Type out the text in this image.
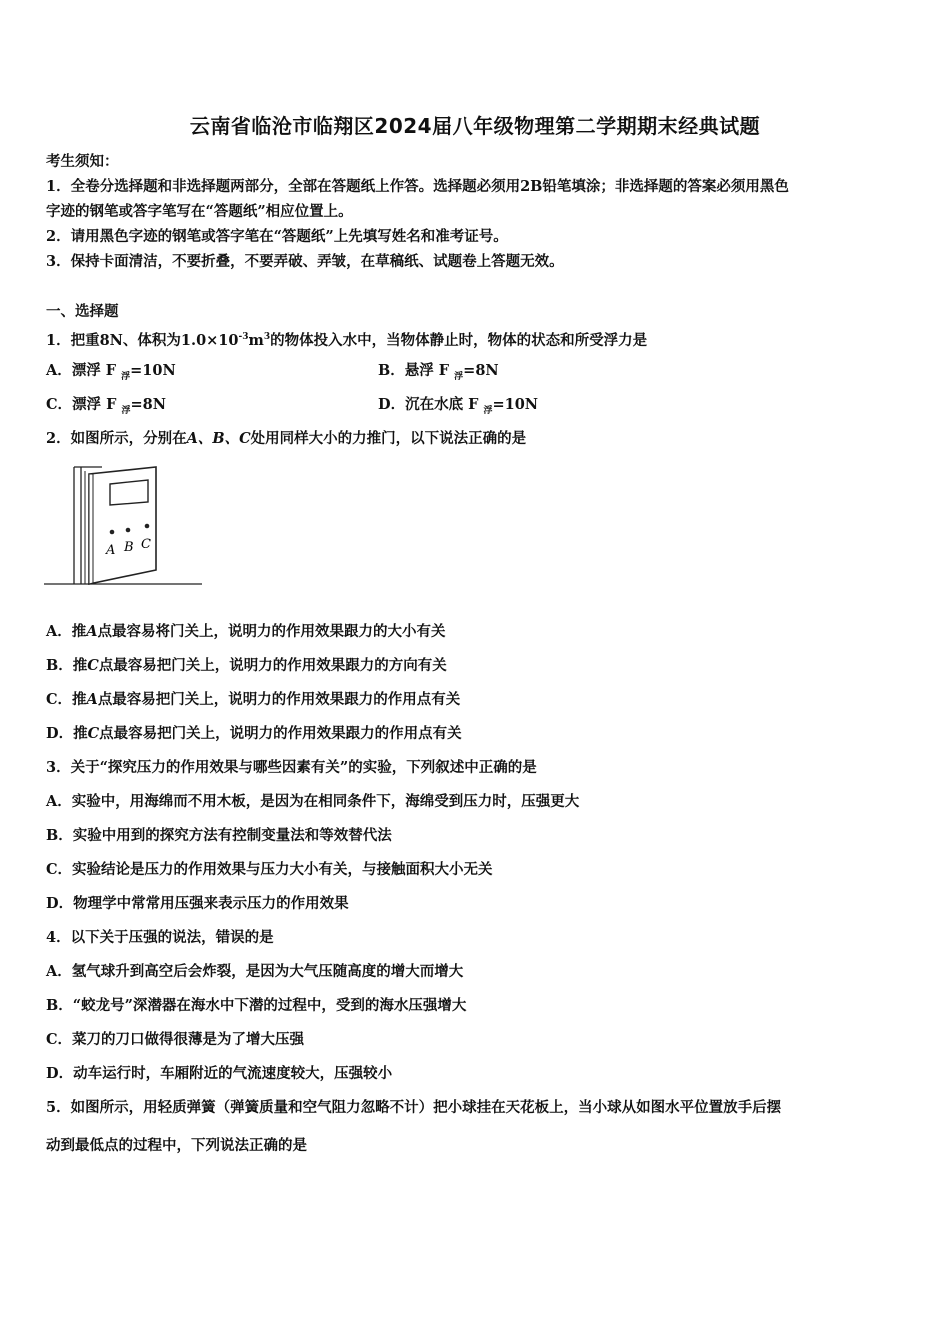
云南省临沧市临翔区2024届八年级物理第二学期期末经典试题
考生须知：
1．全卷分选择题和非选择题两部分，全部在答题纸上作答。选择题必须用2B铅笔填涂；非选择题的答案必须用黑色
字迹的钢笔或答字笔写在“答题纸”相应位置上。
2．请用黑色字迹的钢笔或答字笔在“答题纸”上先填写姓名和准考证号。
3．保持卡面清洁，不要折叠，不要弄破、弄皱，在草稿纸、试题卷上答题无效。
一、选择题
1．把重8N、体积为$1.0\times 10^{-3}m^3$的物体投入水中，当物体静止时，物体的状态和所受浮力是
A．漂浮 F $_浮$=10N	B．悬浮 F $_浮$=8N
C．漂浮 F $_浮$=8N	D．沉在水底 F $_浮$=10N
2．如图所示，分别在A、B、C处用同样大小的力推门，以下说法正确的是
A B C
A．推A点最容易将门关上，说明力的作用效果跟力的大小有关
B．推C点最容易把门关上，说明力的作用效果跟力的方向有关
C．推A点最容易把门关上，说明力的作用效果跟力的作用点有关
D．推C点最容易把门关上，说明力的作用效果跟力的作用点有关
3．关于“探究压力的作用效果与哪些因素有关”的实验，下列叙述中正确的是
A．实验中，用海绵而不用木板，是因为在相同条件下，海绵受到压力时，压强更大
B．实验中用到的探究方法有控制变量法和等效替代法
C．实验结论是压力的作用效果与压力大小有关，与接触面积大小无关
D．物理学中常常用压强来表示压力的作用效果
4．以下关于压强的说法，错误的是
A．氢气球升到高空后会炸裂，是因为大气压随高度的增大而增大
B．“蛟龙号”深潜器在海水中下潜的过程中，受到的海水压强增大
C．菜刀的刀口做得很薄是为了增大压强
D．动车运行时，车厢附近的气流速度较大，压强较小
5．如图所示，用轻质弹簧（弹簧质量和空气阻力忽略不计）把小球挂在天花板上，当小球从如图水平位置放手后摆
动到最低点的过程中，下列说法正确的是
